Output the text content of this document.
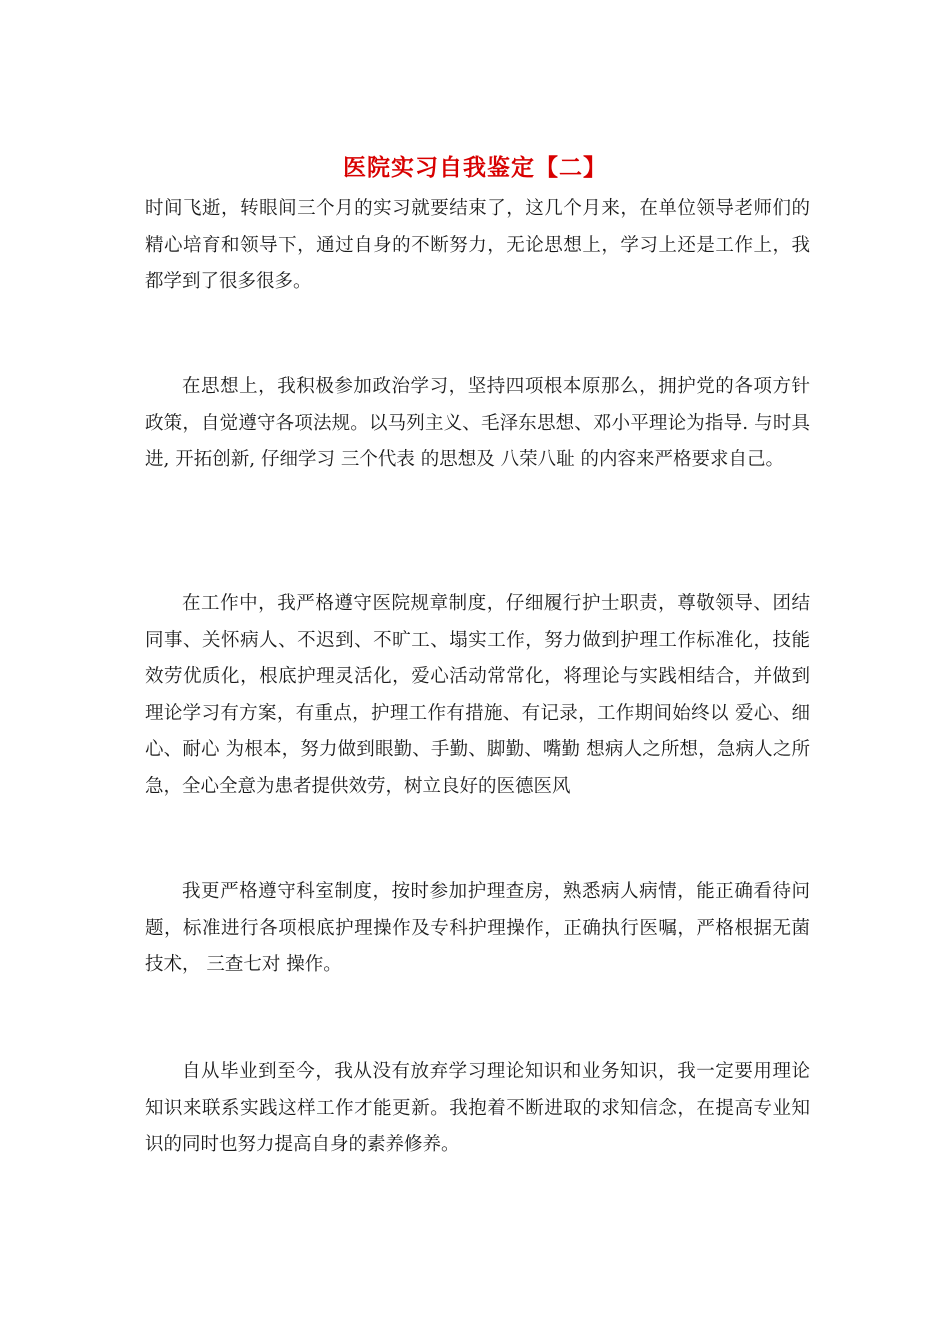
医院实习自我鉴定【二】

时间飞逝，转眼间三个月的实习就要结束了，这几个月来，在单位领导老师们的精心培育和领导下，通过自身的不断努力，无论思想上，学习上还是工作上，我都学到了很多很多。

在思想上，我积极参加政治学习，坚持四项根本原那么，拥护党的各项方针政策，自觉遵守各项法规。以马列主义、毛泽东思想、邓小平理论为指导. 与时具进, 开拓创新, 仔细学习 三个代表 的思想及 八荣八耻 的内容来严格要求自己。

在工作中，我严格遵守医院规章制度，仔细履行护士职责，尊敬领导、团结同事、关怀病人、不迟到、不旷工、塌实工作，努力做到护理工作标准化，技能效劳优质化，根底护理灵活化，爱心活动常常化，将理论与实践相结合，并做到理论学习有方案，有重点，护理工作有措施、有记录，工作期间始终以 爱心、细心、耐心 为根本，努力做到眼勤、手勤、脚勤、嘴勤 想病人之所想，急病人之所急，全心全意为患者提供效劳，树立良好的医德医风

我更严格遵守科室制度，按时参加护理查房，熟悉病人病情，能正确看待问题，标准进行各项根底护理操作及专科护理操作，正确执行医嘱，严格根据无菌技术， 三查七对 操作。

自从毕业到至今，我从没有放弃学习理论知识和业务知识，我一定要用理论知识来联系实践这样工作才能更新。我抱着不断进取的求知信念，在提高专业知识的同时也努力提高自身的素养修养。
